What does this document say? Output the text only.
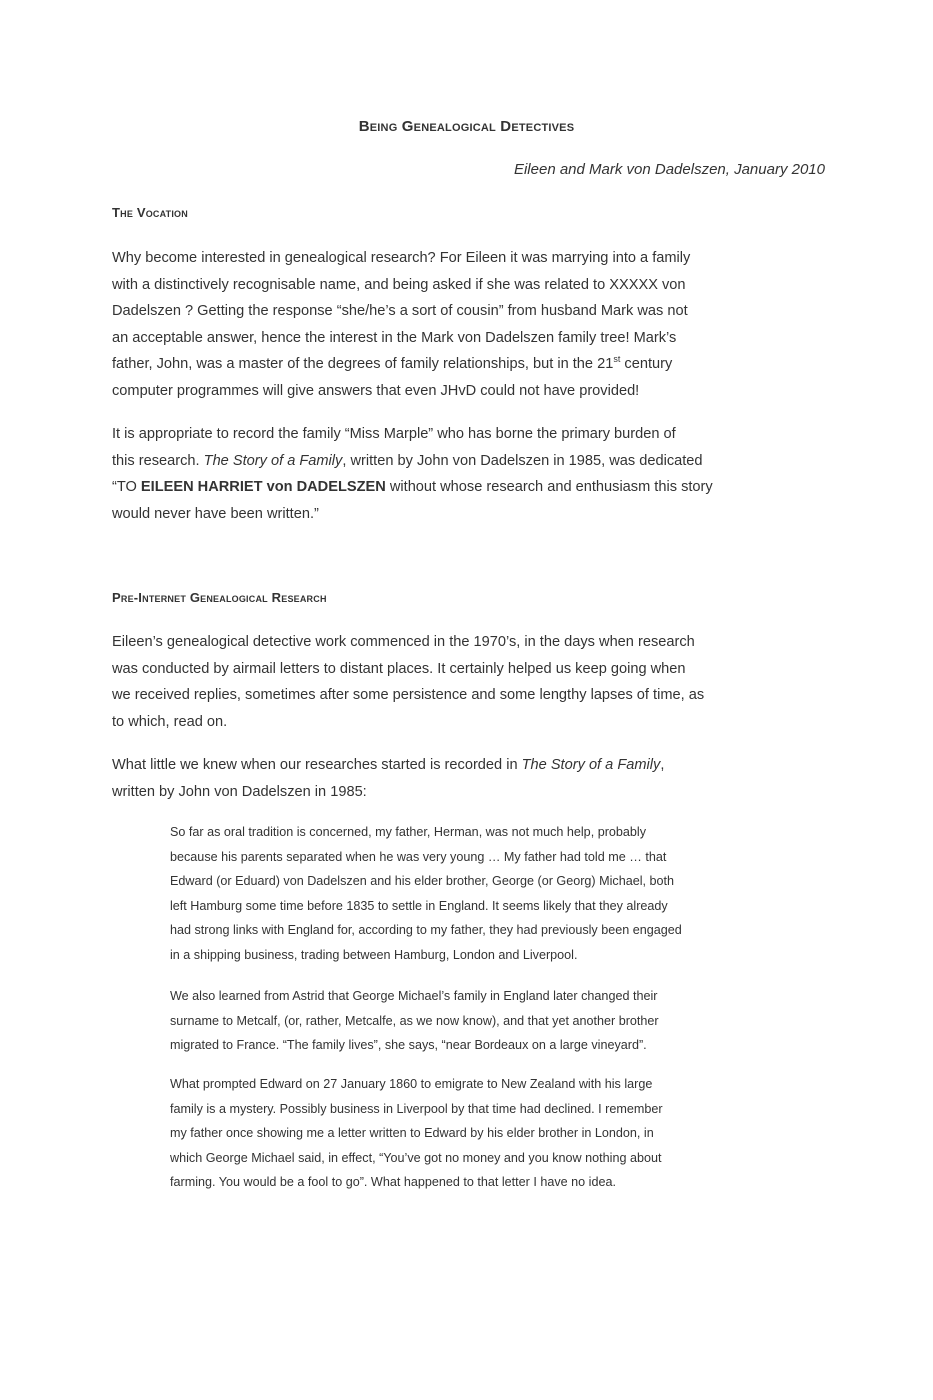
Being Genealogical Detectives
Eileen and Mark von Dadelszen, January 2010
The Vocation

Why become interested in genealogical research? For Eileen it was marrying into a family
with a distinctively recognisable name, and being asked if she was related to XXXXX von
Dadelszen ? Getting the response “she/he’s a sort of cousin” from husband Mark was not
an acceptable answer, hence the interest in the Mark von Dadelszen family tree! Mark’s
father, John, was a master of the degrees of family relationships, but in the 21st century
computer programmes will give answers that even JHvD could not have provided!

It is appropriate to record the family “Miss Marple” who has borne the primary burden of
this research. The Story of a Family, written by John von Dadelszen in 1985, was dedicated
“TO EILEEN HARRIET von DADELSZEN without whose research and enthusiasm this story
would never have been written.”

Pre-Internet Genealogical Research

Eileen’s genealogical detective work commenced in the 1970’s, in the days when research
was conducted by airmail letters to distant places. It certainly helped us keep going when
we received replies, sometimes after some persistence and some lengthy lapses of time, as
to which, read on.

What little we knew when our researches started is recorded in The Story of a Family,
written by John von Dadelszen in 1985:

So far as oral tradition is concerned, my father, Herman, was not much help, probably
because his parents separated when he was very young … My father had told me … that
Edward (or Eduard) von Dadelszen and his elder brother, George (or Georg) Michael, both
left Hamburg some time before 1835 to settle in England. It seems likely that they already
had strong links with England for, according to my father, they had previously been engaged
in a shipping business, trading between Hamburg, London and Liverpool.

We also learned from Astrid that George Michael’s family in England later changed their
surname to Metcalf, (or, rather, Metcalfe, as we now know), and that yet another brother
migrated to France. “The family lives”, she says, “near Bordeaux on a large vineyard”.

What prompted Edward on 27 January 1860 to emigrate to New Zealand with his large
family is a mystery. Possibly business in Liverpool by that time had declined. I remember
my father once showing me a letter written to Edward by his elder brother in London, in
which George Michael said, in effect, “You’ve got no money and you know nothing about
farming. You would be a fool to go”. What happened to that letter I have no idea.
